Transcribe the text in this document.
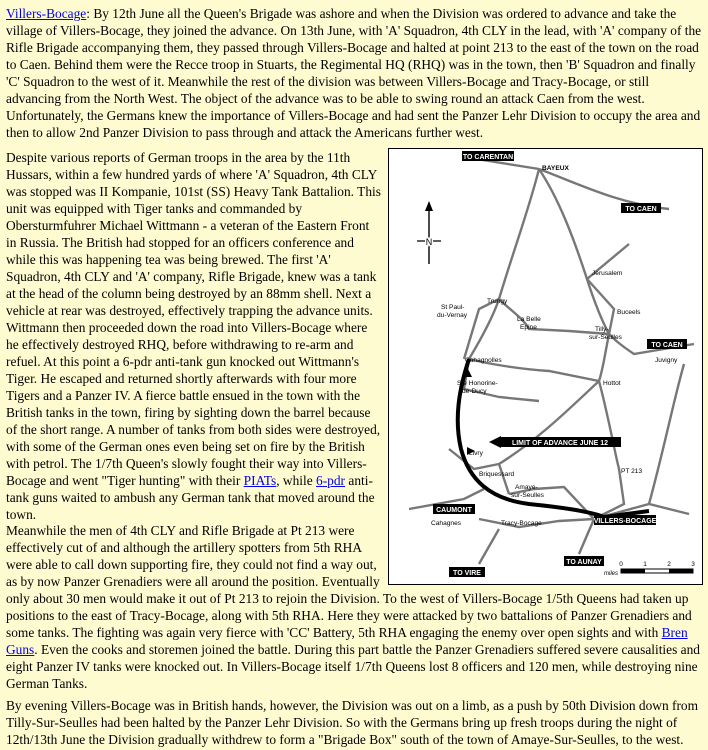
Villers-Bocage: By 12th June all the Queen's Brigade was ashore and when the Division was ordered to advance and take the village of Villers-Bocage, they joined the advance. On 13th June, with 'A' Squadron, 4th CLY in the lead, with 'A' company of the Rifle Brigade accompanying them, they passed through Villers-Bocage and halted at point 213 to the east of the town on the road to Caen. Behind them were the Recce troop in Stuarts, the Regimental HQ (RHQ) was in the town, then 'B' Squadron and finally 'C' Squadron to the west of it. Meanwhile the rest of the division was between Villers-Bocage and Tracy-Bocage, or still advancing from the North West. The object of the advance was to be able to swing round an attack Caen from the west. Unfortunately, the Germans knew the importance of Villers-Bocage and had sent the Panzer Lehr Division to occupy the area and then to allow 2nd Panzer Division to pass through and attack the Americans further west.

Despite various reports of German troops in the area by the 11th Hussars, within a few hundred yards of where 'A' Squadron, 4th CLY was stopped was II Kompanie, 101st (SS) Heavy Tank Battalion. This unit was equipped with Tiger tanks and commanded by Obersturmfuhrer Michael Wittmann - a veteran of the Eastern Front in Russia. The British had stopped for an officers conference and while this was happening tea was being brewed. The first 'A' Squadron, 4th CLY and 'A' company, Rifle Brigade, knew was a tank at the head of the column being destroyed by an 88mm shell. Next a vehicle at rear was destroyed, effectively trapping the advance units. Wittmann then proceeded down the road into Villers-Bocage where he effectively destroyed RHQ, before withdrawing to re-arm and refuel. At this point a 6-pdr anti-tank gun knocked out Wittmann's Tiger. He escaped and returned shortly afterwards with four more Tigers and a Panzer IV. A fierce battle ensued in the town with the British tanks in the town, firing by sighting down the barrel because of the short range. A number of tanks from both sides were destroyed, with some of the German ones even being set on fire by the British with petrol. The 1/7th Queen's slowly fought their way into Villers-Bocage and went "Tiger hunting" with their PIATs, while 6-pdr anti-tank guns waited to ambush any German tank that moved around the town.

Meanwhile the men of 4th CLY and Rifle Brigade at Pt 213 were effectively cut of and although the artillery spotters from 5th RHA were able to call down supporting fire, they could not find a way out, as by now Panzer Grenadiers were all around the position. Eventually only about 30 men would make it out of Pt 213 to rejoin the Division. To the west of Villers-Bocage 1/5th Queens had taken up positions to the east of Tracy-Bocage, along with 5th RHA. Here they were attacked by two battalions of Panzer Grenadiers and some tanks. The fighting was again very fierce with 'CC' Battery, 5th RHA engaging the enemy over open sights and with Bren Guns. Even the cooks and storemen joined the battle. During this part battle the Panzer Grenadiers suffered severe causalities and eight Panzer IV tanks were knocked out. In Villers-Bocage itself 1/7th Queens lost 8 officers and 120 men, while destroying nine German Tanks.

By evening Villers-Bocage was in British hands, however, the Division was out on a limb, as a push by 50th Division down from Tilly-Sur-Seulles had been halted by the Panzer Lehr Division. So with the Germans bring up fresh troops during the night of 12th/13th June the Division gradually withdrew to form a "Brigade Box" south of the town of Amaye-Sur-Seulles, to the west.

N
TO CARENTAN
TO CAEN
TO CAEN
LIMIT OF ADVANCE JUNE 12
CAUMONT
VILLERS-BOCAGE
TO AUNAY
TO VIRE
BAYEUX
Jerusalem
Trungy
St Paul-
du-Vernay
La Belle
Epine
Buceels
Tilly-
sur-Seulles
Juvigny
Cahagnolles
Ste Honorine-
de-Ducy
Hottot
Livry
Briquessard	PT 213
Amaye-
sur-Seulles
Cahagnes	Tracy-Bocage
0	1	2	3
miles
